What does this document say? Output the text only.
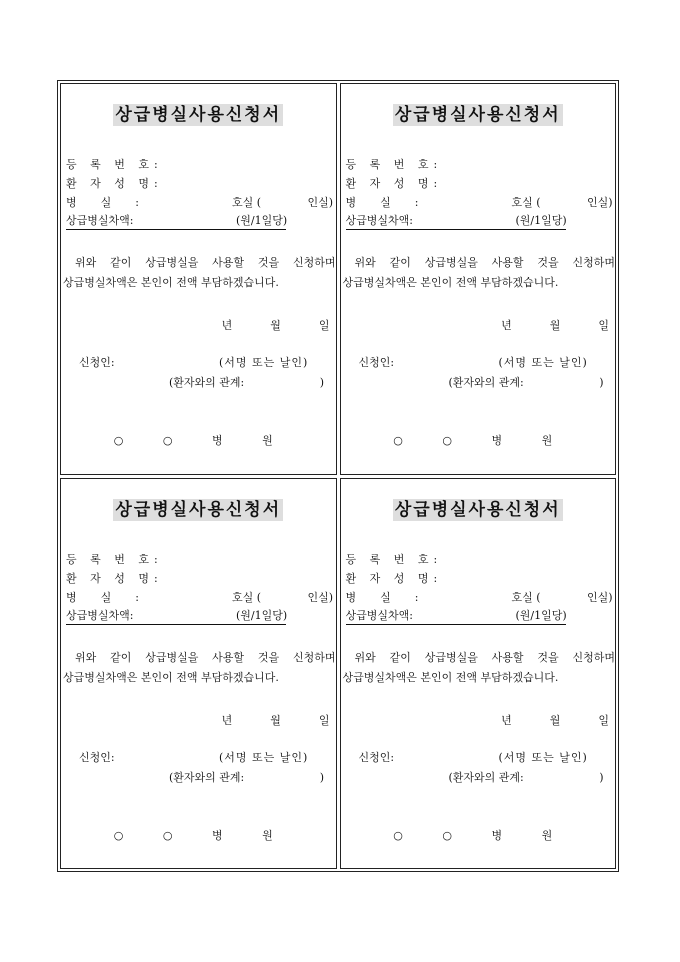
상급병실사용신청서
등 록 번 호:
환 자 성 명:
병실:	호실 (	인실)
상급병실차액:	(원/1일당)
위와 같이 상급병실을 사용할 것을 신청하며
상급병실차액은 본인이 전액 부담하겠습니다.
년	월	일
신청인:	(서명 또는 날인)
(환자와의 관계:	)
○ ○ 병 원
상급병실사용신청서
등 록 번 호:
환 자 성 명:
병실:	호실 (	인실)
상급병실차액:	(원/1일당)
위와 같이 상급병실을 사용할 것을 신청하며
상급병실차액은 본인이 전액 부담하겠습니다.
년	월	일
신청인:	(서명 또는 날인)
(환자와의 관계:	)
○ ○ 병 원
상급병실사용신청서
등 록 번 호:
환 자 성 명:
병실:	호실 (	인실)
상급병실차액:	(원/1일당)
위와 같이 상급병실을 사용할 것을 신청하며
상급병실차액은 본인이 전액 부담하겠습니다.
년	월	일
신청인:	(서명 또는 날인)
(환자와의 관계:	)
○ ○ 병 원
상급병실사용신청서
등 록 번 호:
환 자 성 명:
병실:	호실 (	인실)
상급병실차액:	(원/1일당)
위와 같이 상급병실을 사용할 것을 신청하며
상급병실차액은 본인이 전액 부담하겠습니다.
년	월	일
신청인:	(서명 또는 날인)
(환자와의 관계:	)
○ ○ 병 원
